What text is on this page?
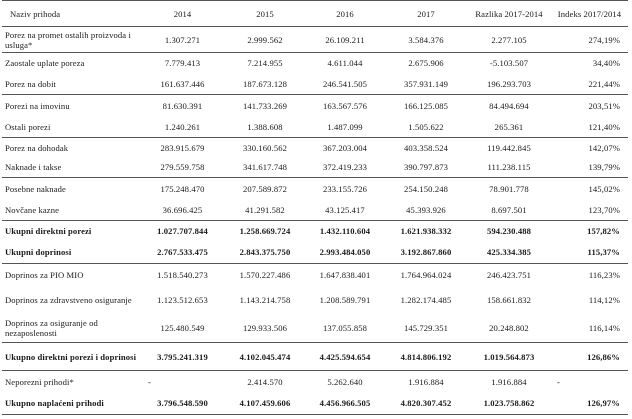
Naziv prihoda	2014	2015	2016	2017	Razlika 2017-2014	Indeks 2017/2014
Porez na promet ostalih proizvoda i usluga*	1.307.271	2.999.562	26.109.211	3.584.376	2.277.105	274,19%
Zaostale uplate poreza	7.779.413	7.214.955	4.611.044	2.675.906	-5.103.507	34,40%
Porez na dobit	161.637.446	187.673.128	246.541.505	357.931.149	196.293.703	221,44%
Porezi na imovinu	81.630.391	141.733.269	163.567.576	166.125.085	84.494.694	203,51%
Ostali porezi	1.240.261	1.388.608	1.487.099	1.505.622	265.361	121,40%
Porez na dohodak	283.915.679	330.160.562	367.203.004	403.358.524	119.442.845	142,07%
Naknade i takse	279.559.758	341.617.748	372.419.233	390.797.873	111.238.115	139,79%
Posebne naknade	175.248.470	207.589.872	233.155.726	254.150.248	78.901.778	145,02%
Novčane kazne	36.696.425	41.291.582	43.125.417	45.393.926	8.697.501	123,70%
Ukupni direktni porezi	1.027.707.844	1.258.669.724	1.432.110.604	1.621.938.332	594.230.488	157,82%
Ukupni doprinosi	2.767.533.475	2.843.375.750	2.993.484.050	3.192.867.860	425.334.385	115,37%
Doprinos za PIO MIO	1.518.540.273	1.570.227.486	1.647.838.401	1.764.964.024	246.423.751	116,23%
Doprinos za zdravstveno osiguranje	1.123.512.653	1.143.214.758	1.208.589.791	1.282.174.485	158.661.832	114,12%
Doprinos za osiguranje od nezaposlenosti	125.480.549	129.933.506	137.055.858	145.729.351	20.248.802	116,14%
Ukupno direktni porezi i doprinosi	3.795.241.319	4.102.045.474	4.425.594.654	4.814.806.192	1.019.564.873	126,86%
Neporezni prihodi*	-	2.414.570	5.262.640	1.916.884	1.916.884	-
Ukupno naplaćeni prihodi	3.796.548.590	4.107.459.606	4.456.966.505	4.820.307.452	1.023.758.862	126,97%
